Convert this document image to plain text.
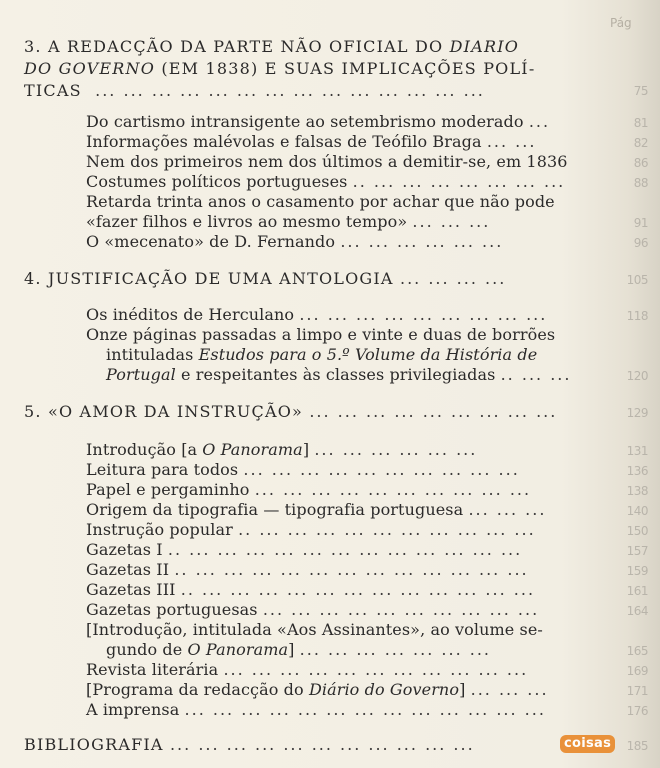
Pág
3. A REDACÇÃO DA PARTE NÃO OFICIAL DO DIARIO
DO GOVERNO (EM 1838) E SUAS IMPLICAÇÕES POLÍ-
TICAS  ... ... ... ... ... ... ... ... ... ... ... ... ... ...	75
Do cartismo intransigente ao setembrismo moderado ...	81
Informações malévolas e falsas de Teófilo Braga ... ...	82
Nem dos primeiros nem dos últimos a demitir-se, em 1836	86
Costumes políticos portugueses .. ... ... ... ... ... ... ...	88
Retarda trinta anos o casamento por achar que não pode
«fazer filhos e livros ao mesmo tempo» ... ... ...	91
O «mecenato» de D. Fernando ... ... ... ... ... ...	96
4. JUSTIFICAÇÃO DE UMA ANTOLOGIA ... ... ... ...	105
Os inéditos de Herculano ... ... ... ... ... ... ... ... ...	118
Onze páginas passadas a limpo e vinte e duas de borrões
intituladas Estudos para o 5.º Volume da História de
Portugal e respeitantes às classes privilegiadas .. ... ...	120
5. «O AMOR DA INSTRUÇÃO» ... ... ... ... ... ... ... ... ...	129
Introdução [a O Panorama] ... ... ... ... ... ...	131
Leitura para todos ... ... ... ... ... ... ... ... ... ...	136
Papel e pergaminho ... ... ... ... ... ... ... ... ... ...	138
Origem da tipografia — tipografia portuguesa ... ... ...	140
Instrução popular .. ... ... ... ... ... ... ... ... ... ...	150
Gazetas I .. ... ... ... ... ... ... ... ... ... ... ... ...	157
Gazetas II .. ... ... ... ... ... ... ... ... ... ... ... ...	159
Gazetas III .. ... ... ... ... ... ... ... ... ... ... ... ...	161
Gazetas portuguesas ... ... ... ... ... ... ... ... ... ...	164
[Introdução, intitulada «Aos Assinantes», ao volume se-
gundo de O Panorama] ... ... ... ... ... ... ...	165
Revista literária ... ... ... ... ... ... ... ... ... ... ...	169
[Programa da redacção do Diário do Governo] ... ... ...	171
A imprensa ... ... ... ... ... ... ... ... ... ... ... ... ...	176
BIBLIOGRAFIA ... ... ... ... ... ... ... ... ... ... ...	185
coisas
